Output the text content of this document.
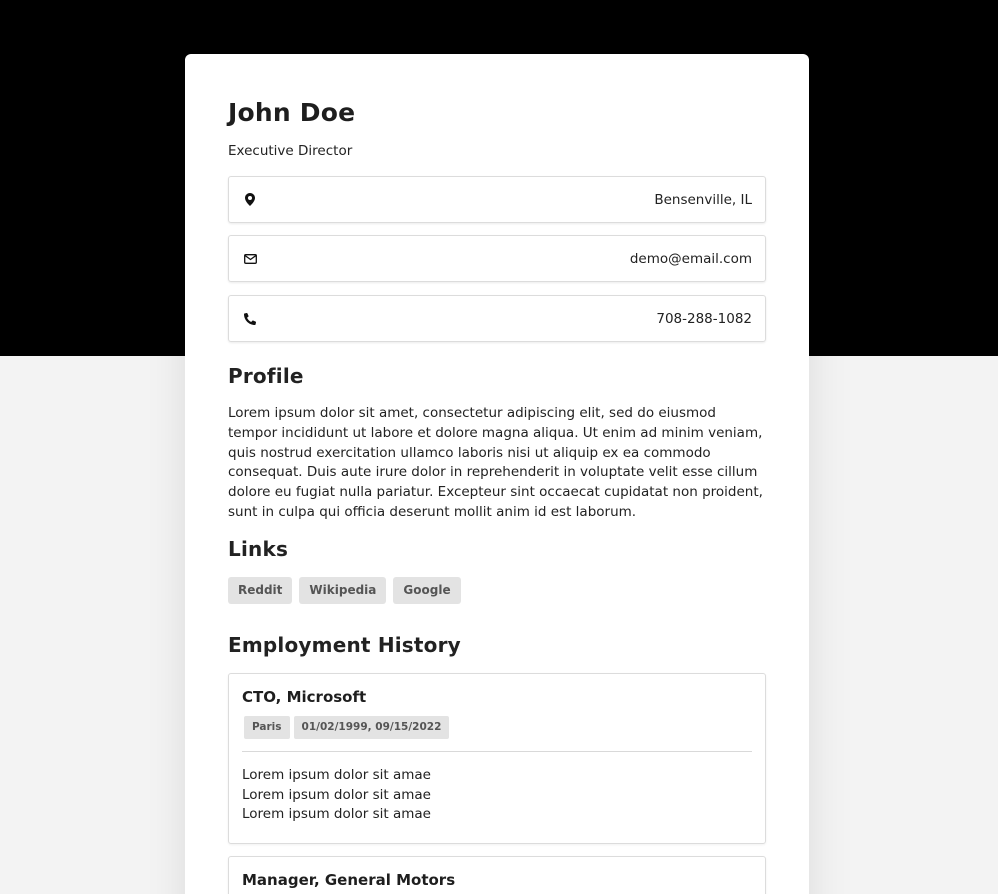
John Doe
Executive Director
Bensenville, IL
demo@email.com
708-288-1082
Profile
Lorem ipsum dolor sit amet, consectetur adipiscing elit, sed do eiusmod tempor incididunt ut labore et dolore magna aliqua. Ut enim ad minim veniam, quis nostrud exercitation ullamco laboris nisi ut aliquip ex ea commodo consequat. Duis aute irure dolor in reprehenderit in voluptate velit esse cillum dolore eu fugiat nulla pariatur. Excepteur sint occaecat cupidatat non proident, sunt in culpa qui officia deserunt mollit anim id est laborum.
Links
Reddit	Wikipedia	Google
Employment History
CTO, Microsoft
Paris	01/02/1999, 09/15/2022
Lorem ipsum dolor sit amae
Lorem ipsum dolor sit amae
Lorem ipsum dolor sit amae
Manager, General Motors
